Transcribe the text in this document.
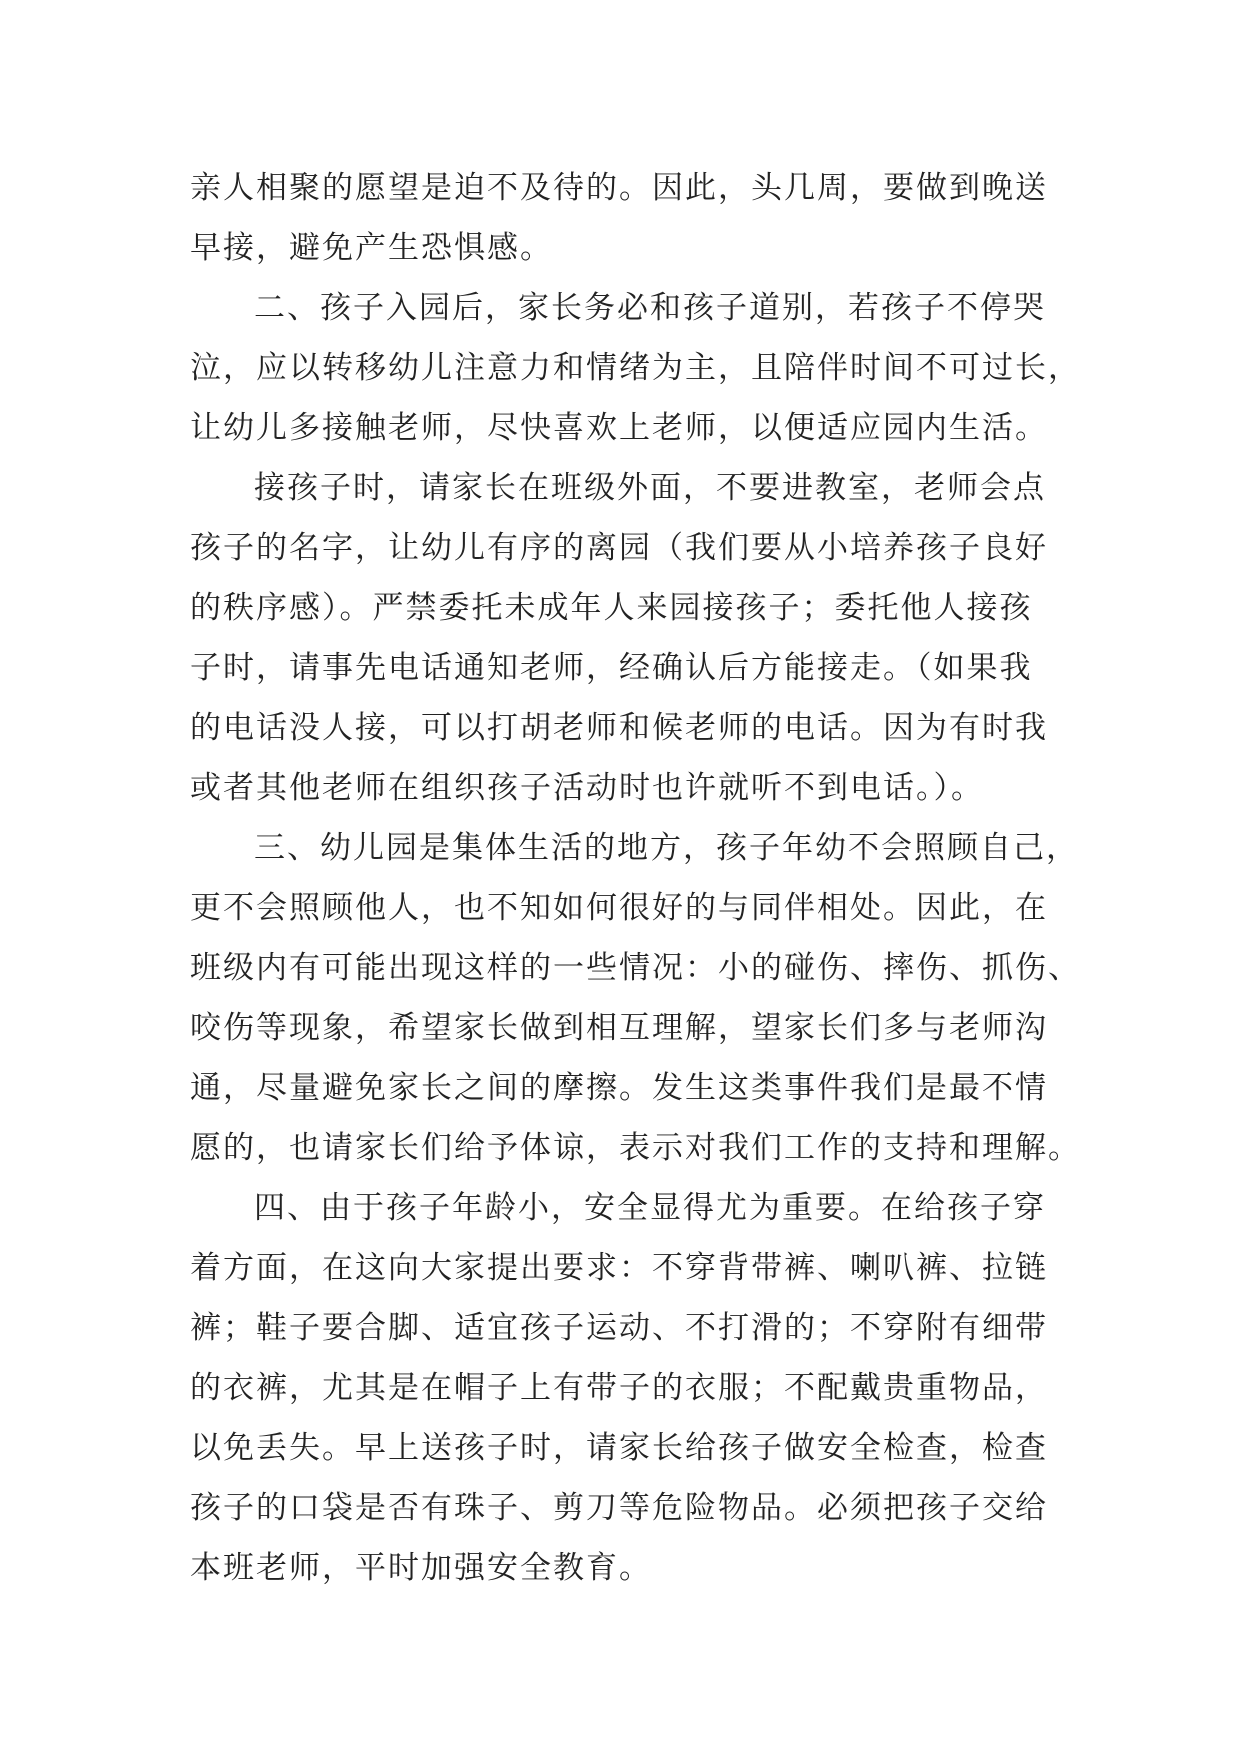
亲人相聚的愿望是迫不及待的。因此，头几周，要做到晚送
早接，避免产生恐惧感。
二、孩子入园后，家长务必和孩子道别，若孩子不停哭
泣，应以转移幼儿注意力和情绪为主，且陪伴时间不可过长，
让幼儿多接触老师，尽快喜欢上老师，以便适应园内生活。
接孩子时，请家长在班级外面，不要进教室，老师会点
孩子的名字，让幼儿有序的离园（我们要从小培养孩子良好
的秩序感）。严禁委托未成年人来园接孩子；委托他人接孩
子时，请事先电话通知老师，经确认后方能接走。（如果我
的电话没人接，可以打胡老师和候老师的电话。因为有时我
或者其他老师在组织孩子活动时也许就听不到电话。）。
三、幼儿园是集体生活的地方，孩子年幼不会照顾自己，
更不会照顾他人，也不知如何很好的与同伴相处。因此，在
班级内有可能出现这样的一些情况：小的碰伤、摔伤、抓伤、
咬伤等现象，希望家长做到相互理解，望家长们多与老师沟
通，尽量避免家长之间的摩擦。发生这类事件我们是最不情
愿的，也请家长们给予体谅，表示对我们工作的支持和理解。
四、由于孩子年龄小，安全显得尤为重要。在给孩子穿
着方面，在这向大家提出要求：不穿背带裤、喇叭裤、拉链
裤；鞋子要合脚、适宜孩子运动、不打滑的；不穿附有细带
的衣裤，尤其是在帽子上有带子的衣服；不配戴贵重物品，
以免丢失。早上送孩子时，请家长给孩子做安全检查，检查
孩子的口袋是否有珠子、剪刀等危险物品。必须把孩子交给
本班老师，平时加强安全教育。
